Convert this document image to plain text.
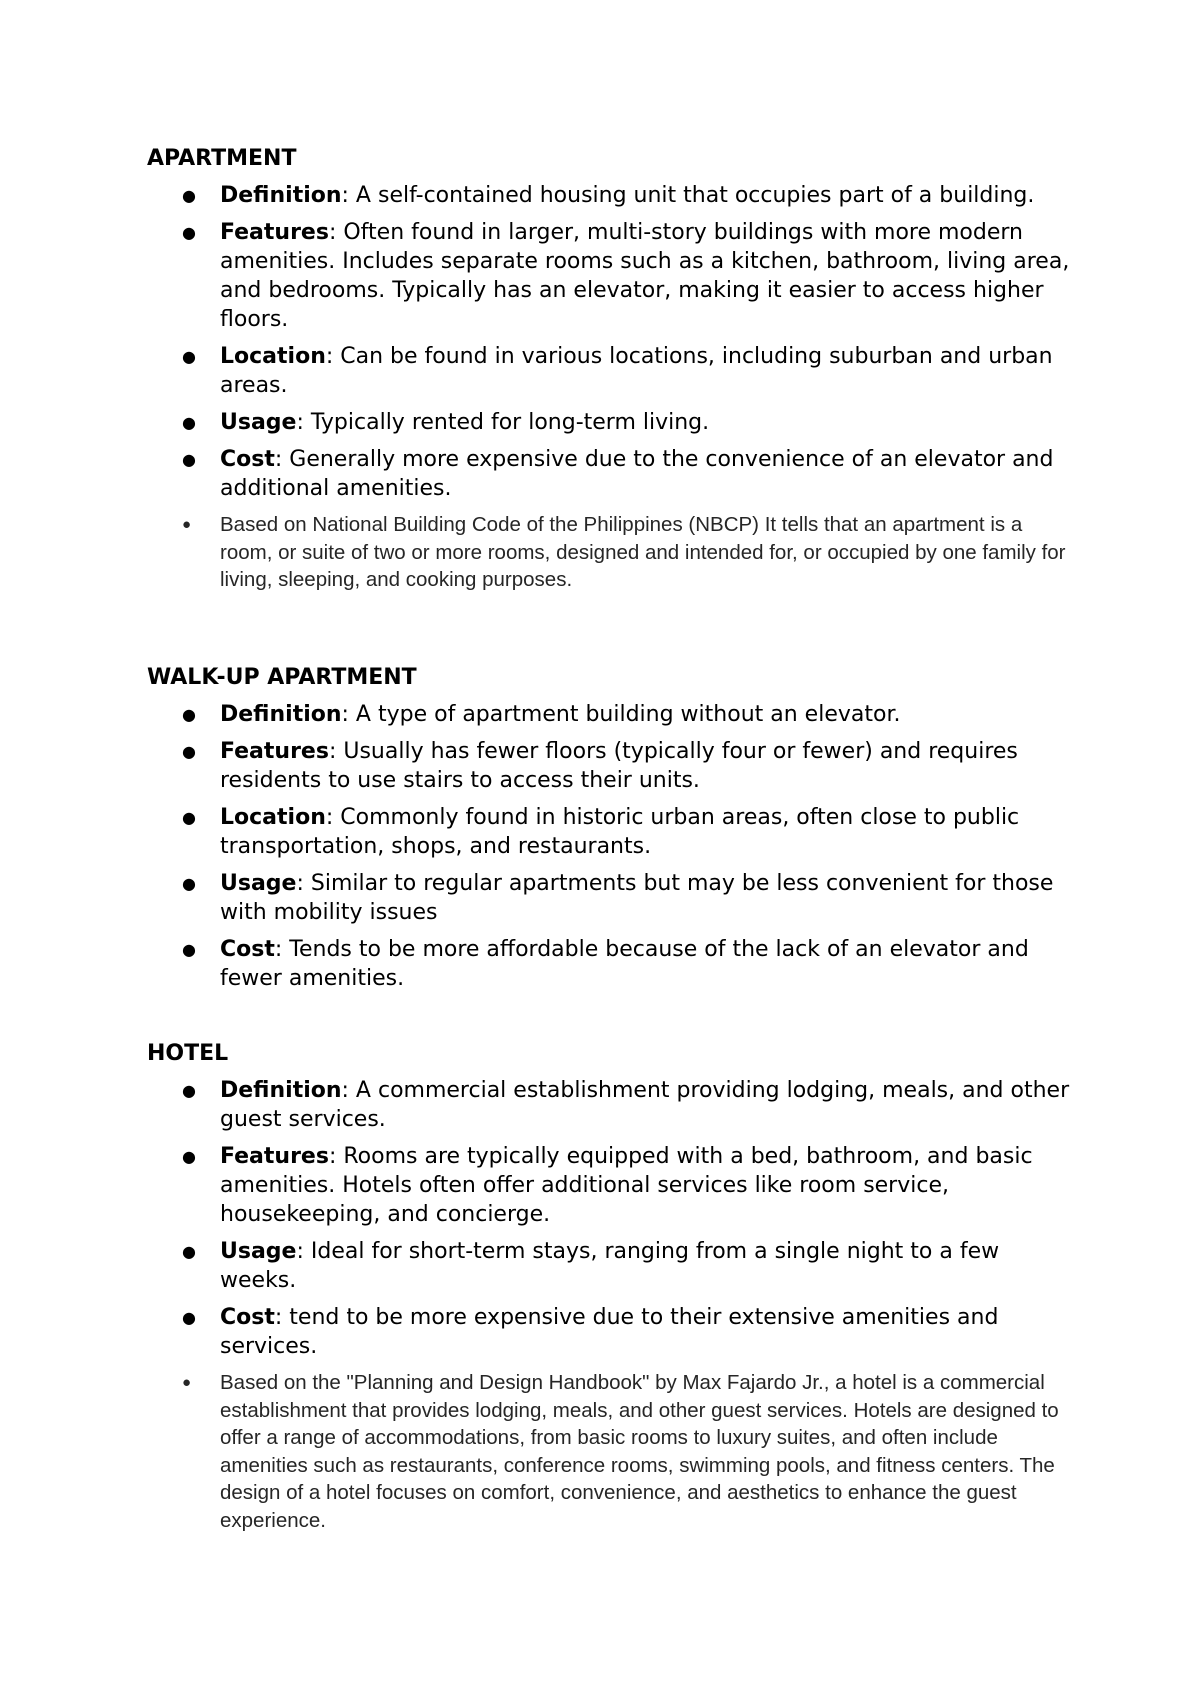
APARTMENT
● Definition: A self-contained housing unit that occupies part of a building.
● Features: Often found in larger, multi-story buildings with more modern amenities. Includes separate rooms such as a kitchen, bathroom, living area, and bedrooms. Typically has an elevator, making it easier to access higher floors.
● Location: Can be found in various locations, including suburban and urban areas.
● Usage: Typically rented for long-term living.
● Cost: Generally more expensive due to the convenience of an elevator and additional amenities.
● Based on National Building Code of the Philippines (NBCP) It tells that an apartment is a room, or suite of two or more rooms, designed and intended for, or occupied by one family for living, sleeping, and cooking purposes.
WALK-UP APARTMENT
● Definition: A type of apartment building without an elevator.
● Features: Usually has fewer floors (typically four or fewer) and requires residents to use stairs to access their units.
● Location: Commonly found in historic urban areas, often close to public transportation, shops, and restaurants.
● Usage: Similar to regular apartments but may be less convenient for those with mobility issues
● Cost: Tends to be more affordable because of the lack of an elevator and fewer amenities.
HOTEL
● Definition: A commercial establishment providing lodging, meals, and other guest services.
● Features: Rooms are typically equipped with a bed, bathroom, and basic amenities. Hotels often offer additional services like room service, housekeeping, and concierge.
● Usage: Ideal for short-term stays, ranging from a single night to a few weeks.
● Cost: tend to be more expensive due to their extensive amenities and services.
● Based on the "Planning and Design Handbook" by Max Fajardo Jr., a hotel is a commercial establishment that provides lodging, meals, and other guest services. Hotels are designed to offer a range of accommodations, from basic rooms to luxury suites, and often include amenities such as restaurants, conference rooms, swimming pools, and fitness centers. The design of a hotel focuses on comfort, convenience, and aesthetics to enhance the guest experience.
